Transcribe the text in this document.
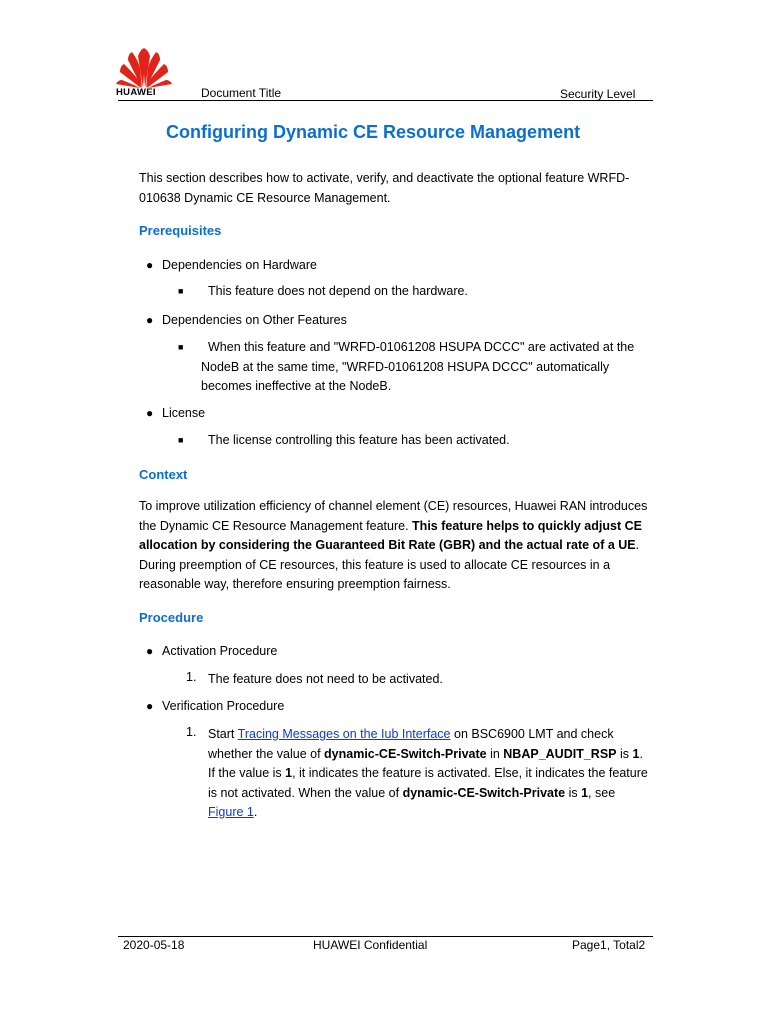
HUAWEI	Document Title	Security Level
Configuring Dynamic CE Resource Management
This section describes how to activate, verify, and deactivate the optional feature WRFD-010638 Dynamic CE Resource Management.
Prerequisites
● Dependencies on Hardware
■ This feature does not depend on the hardware.
● Dependencies on Other Features
■	When this feature and "WRFD-01061208 HSUPA DCCC" are activated at the NodeB at the same time, "WRFD-01061208 HSUPA DCCC" automatically becomes ineffective at the NodeB.
● License
■ The license controlling this feature has been activated.
Context
To improve utilization efficiency of channel element (CE) resources, Huawei RAN introduces the Dynamic CE Resource Management feature. This feature helps to quickly adjust CE allocation by considering the Guaranteed Bit Rate (GBR) and the actual rate of a UE. During preemption of CE resources, this feature is used to allocate CE resources in a reasonable way, therefore ensuring preemption fairness.
Procedure
● Activation Procedure
1. The feature does not need to be activated.
● Verification Procedure
1. Start Tracing Messages on the Iub Interface on BSC6900 LMT and check whether the value of dynamic-CE-Switch-Private in NBAP_AUDIT_RSP is 1.
If the value is 1, it indicates the feature is activated. Else, it indicates the feature is not activated. When the value of dynamic-CE-Switch-Private is 1, see Figure 1.
2020-05-18	HUAWEI Confidential	Page1, Total2
